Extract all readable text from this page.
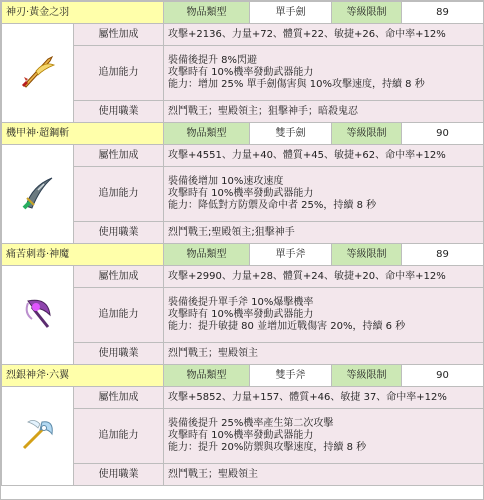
神刃‧黃金之羽		物品類型	單手劍	等級限制	89
	屬性加成	攻擊+2136、力量+72、體質+22、敏捷+26、命中率+12%			
	追加能力	裝備後提升 8%閃避
攻擊時有 10%機率發動武器能力
能力：增加 25% 單手劍傷害與 10%攻擊速度，持續 8 秒			

	使用職業	烈鬥戰王；聖殿領主；狙擊神手；暗殺鬼忍			
機甲神‧超鋼斬		物品類型	雙手劍	等級限制	90
	屬性加成	攻擊+4551、力量+40、體質+45、敏捷+62、命中率+12%			
	追加能力	裝備後增加 10%速攻速度
攻擊時有 10%機率發動武器能力
能力：降低對方防禦及命中者 25%，持續 8 秒			

	使用職業	烈鬥戰王;聖殿領主;狙擊神手			
痛苦刺毒‧神魔		物品類型	單手斧	等級限制	89
	屬性加成	攻擊+2990、力量+28、體質+24、敏捷+20、命中率+12%			
	追加能力	裝備後提升單手斧 10%爆擊機率
攻擊時有 10%機率發動武器能力
能力：提升敏捷 80 並增加近戰傷害 20%，持續 6 秒			

	使用職業	烈鬥戰王；聖殿領主			
烈銀神斧‧六翼		物品類型	雙手斧	等級限制	90
	屬性加成	攻擊+5852、力量+157、體質+46、敏捷 37、命中率+12%			
	追加能力	裝備後提升 25%機率產生第二次攻擊
攻擊時有 10%機率發動武器能力
能力：提升 20%防禦與攻擊速度，持續 8 秒			

	使用職業	烈鬥戰王；聖殿領主			
